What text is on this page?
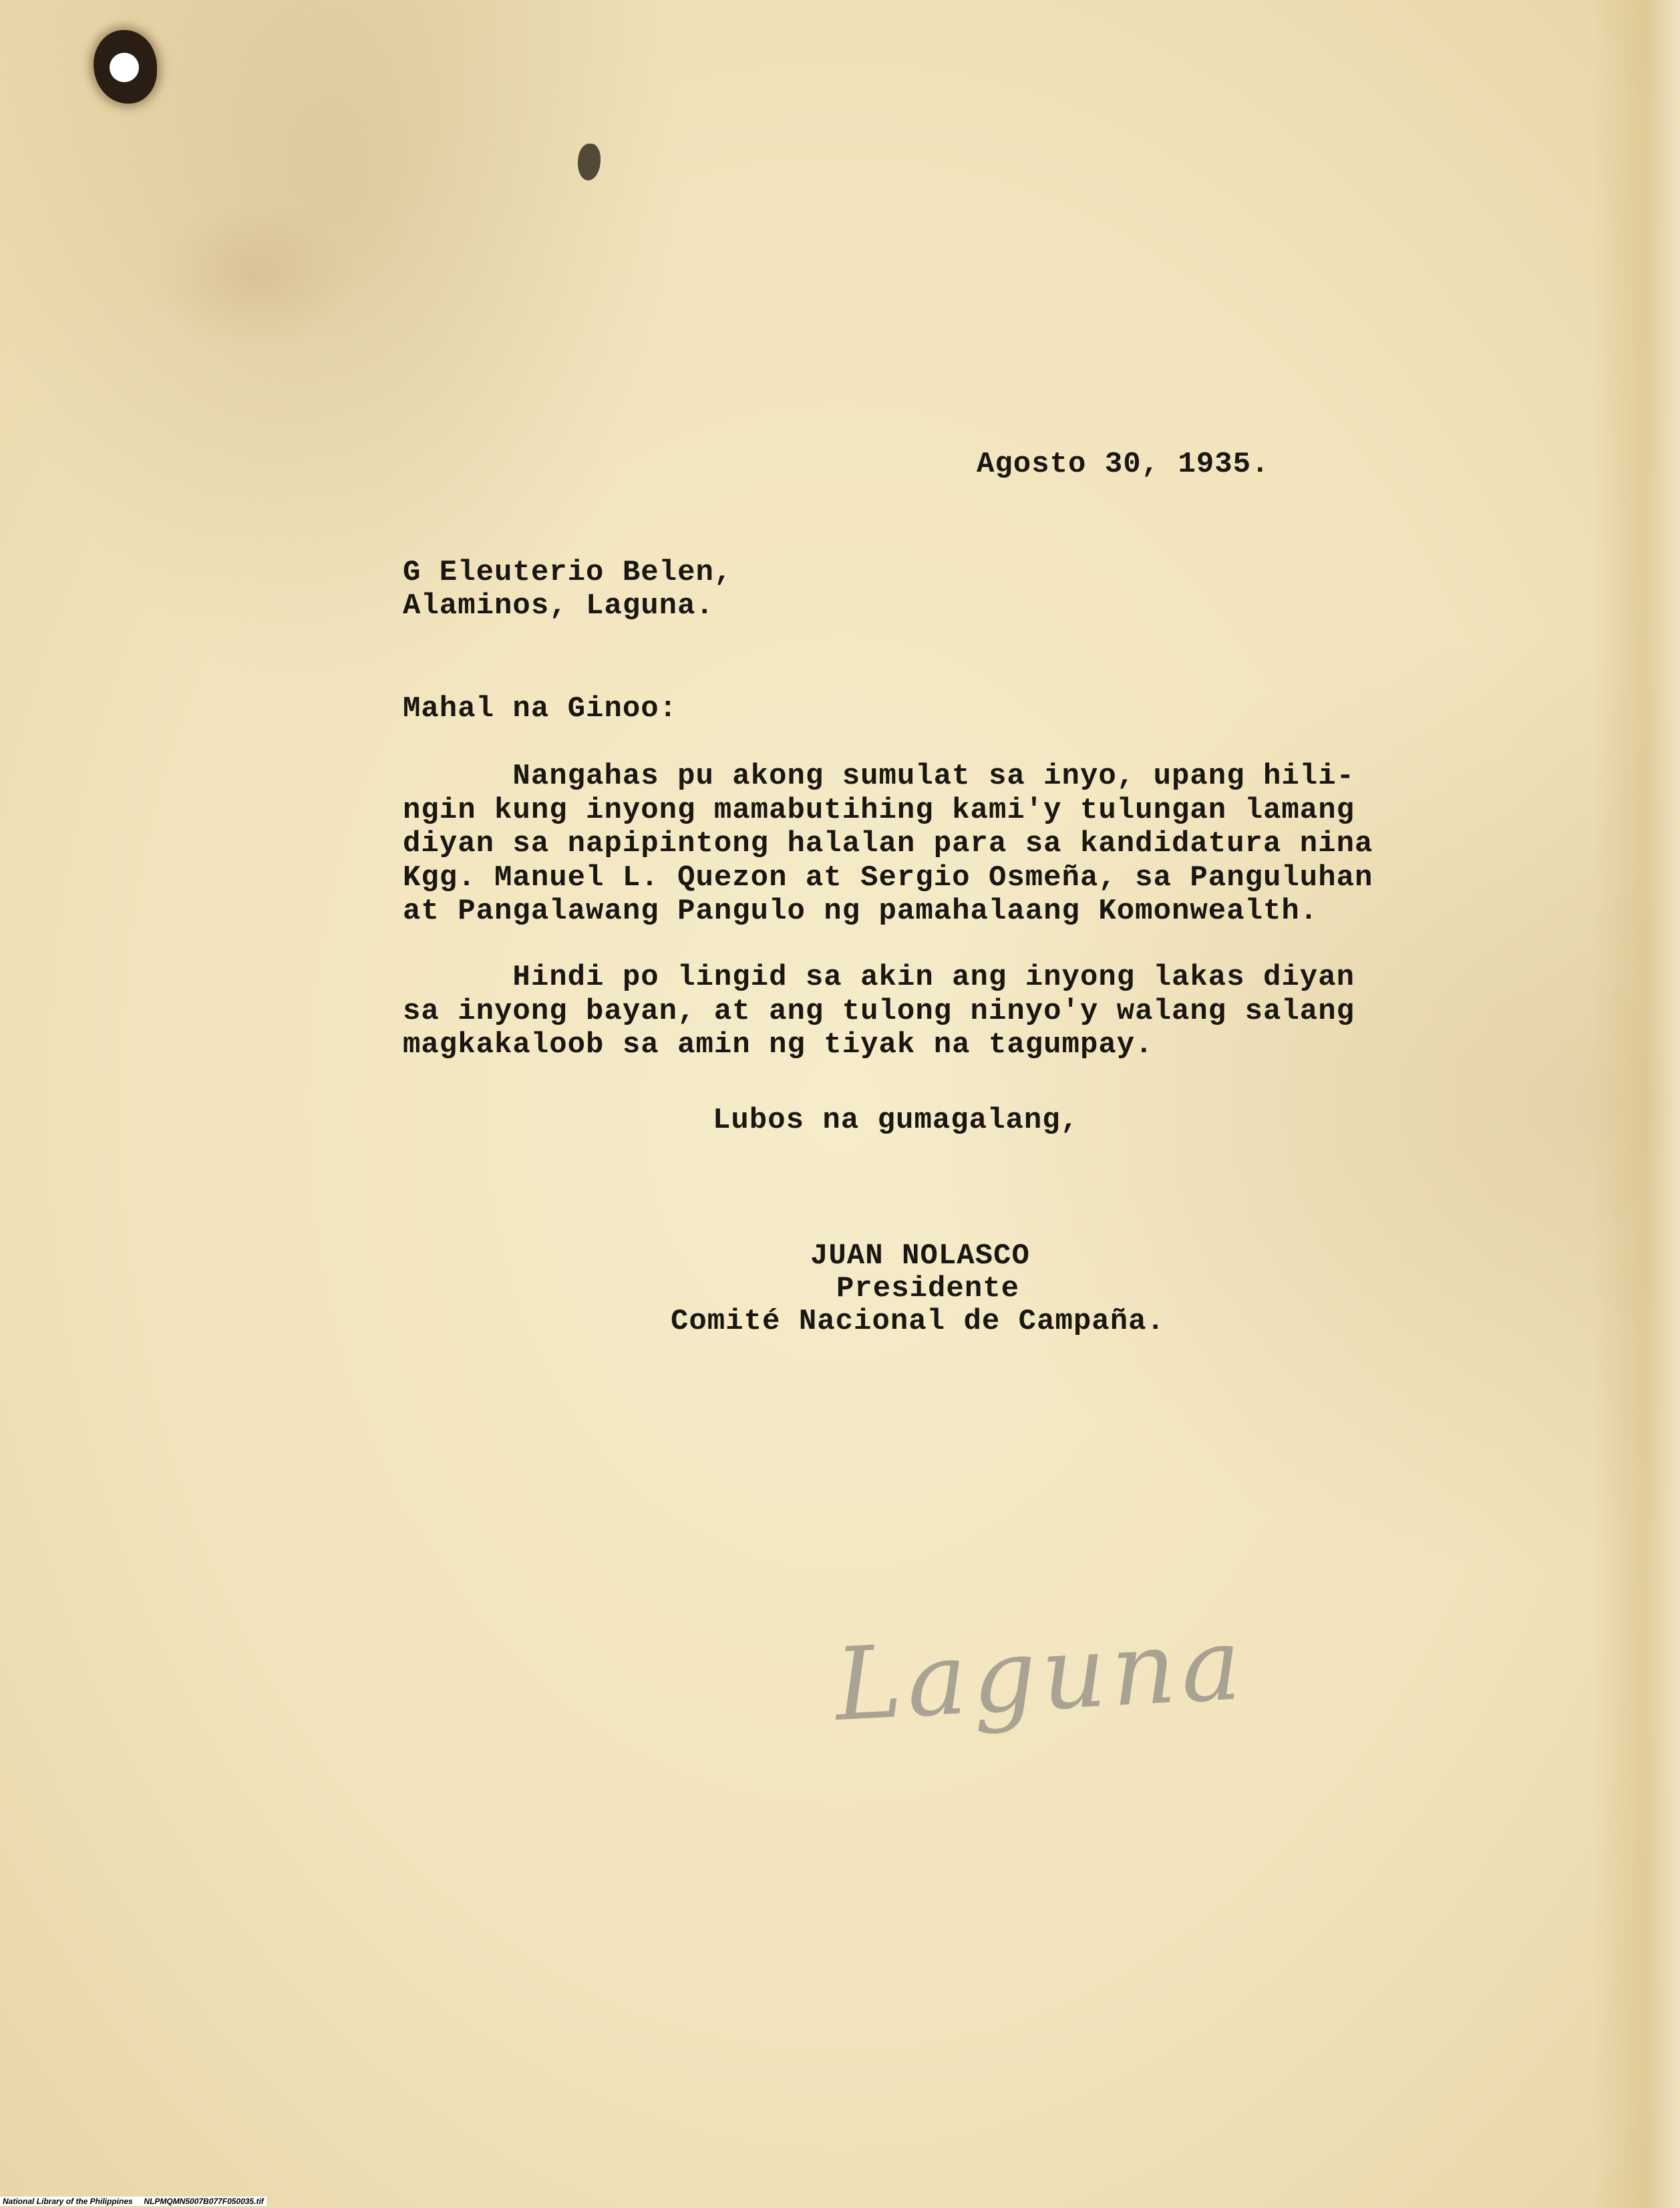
Agosto 30, 1935.
G Eleuterio Belen,
Alaminos, Laguna.
Mahal na Ginoo:
Nangahas pu akong sumulat sa inyo, upang hili-
ngin kung inyong mamabutihing kami'y tulungan lamang
diyan sa napipintong halalan para sa kandidatura nina
Kgg. Manuel L. Quezon at Sergio Osmeña, sa Panguluhan
at Pangalawang Pangulo ng pamahalaang Komonwealth.
Hindi po lingid sa akin ang inyong lakas diyan
sa inyong bayan, at ang tulong ninyo'y walang salang
magkakaloob sa amin ng tiyak na tagumpay.
Lubos na gumagalang,
JUAN NOLASCO
Presidente
Comité Nacional de Campaña.
Laguna
National Library of the Philippines     NLPMQMN5007B077F050035.tif
